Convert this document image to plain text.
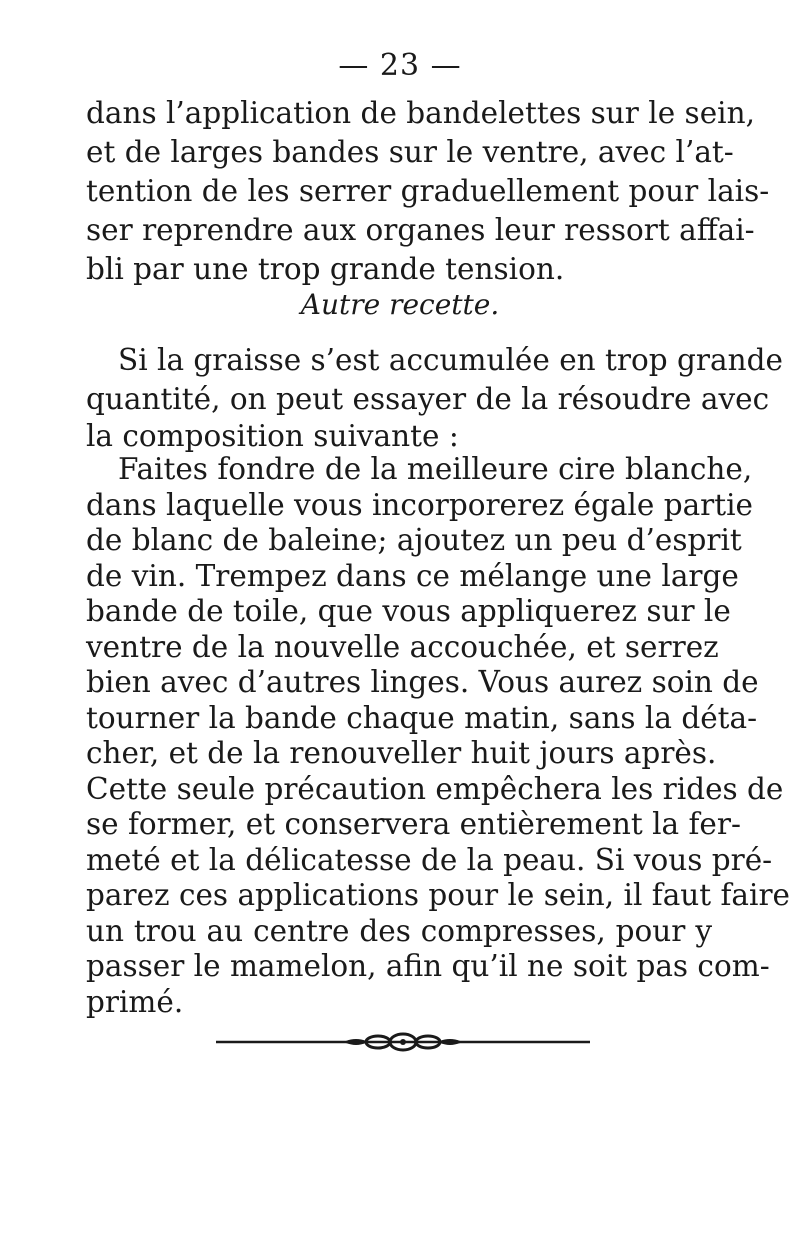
— 23 —
dans l’application de bandelettes sur le sein,
et de larges bandes sur le ventre, avec l’at-
tention de les serrer graduellement pour lais-
ser reprendre aux organes leur ressort affai-
bli par une trop grande tension.
Autre recette.
Si la graisse s’est accumulée en trop grande
quantité, on peut essayer de la résoudre avec
la composition suivante :
Faites fondre de la meilleure cire blanche,
dans laquelle vous incorporerez égale partie
de blanc de baleine; ajoutez un peu d’esprit
de vin. Trempez dans ce mélange une large
bande de toile, que vous appliquerez sur le
ventre de la nouvelle accouchée, et serrez
bien avec d’autres linges. Vous aurez soin de
tourner la bande chaque matin, sans la déta-
cher, et de la renouveller huit jours après.
Cette seule précaution empêchera les rides de
se former, et conservera entièrement la fer-
meté et la délicatesse de la peau. Si vous pré-
parez ces applications pour le sein, il faut faire
un trou au centre des compresses, pour y
passer le mamelon, afin qu’il ne soit pas com-
primé.
